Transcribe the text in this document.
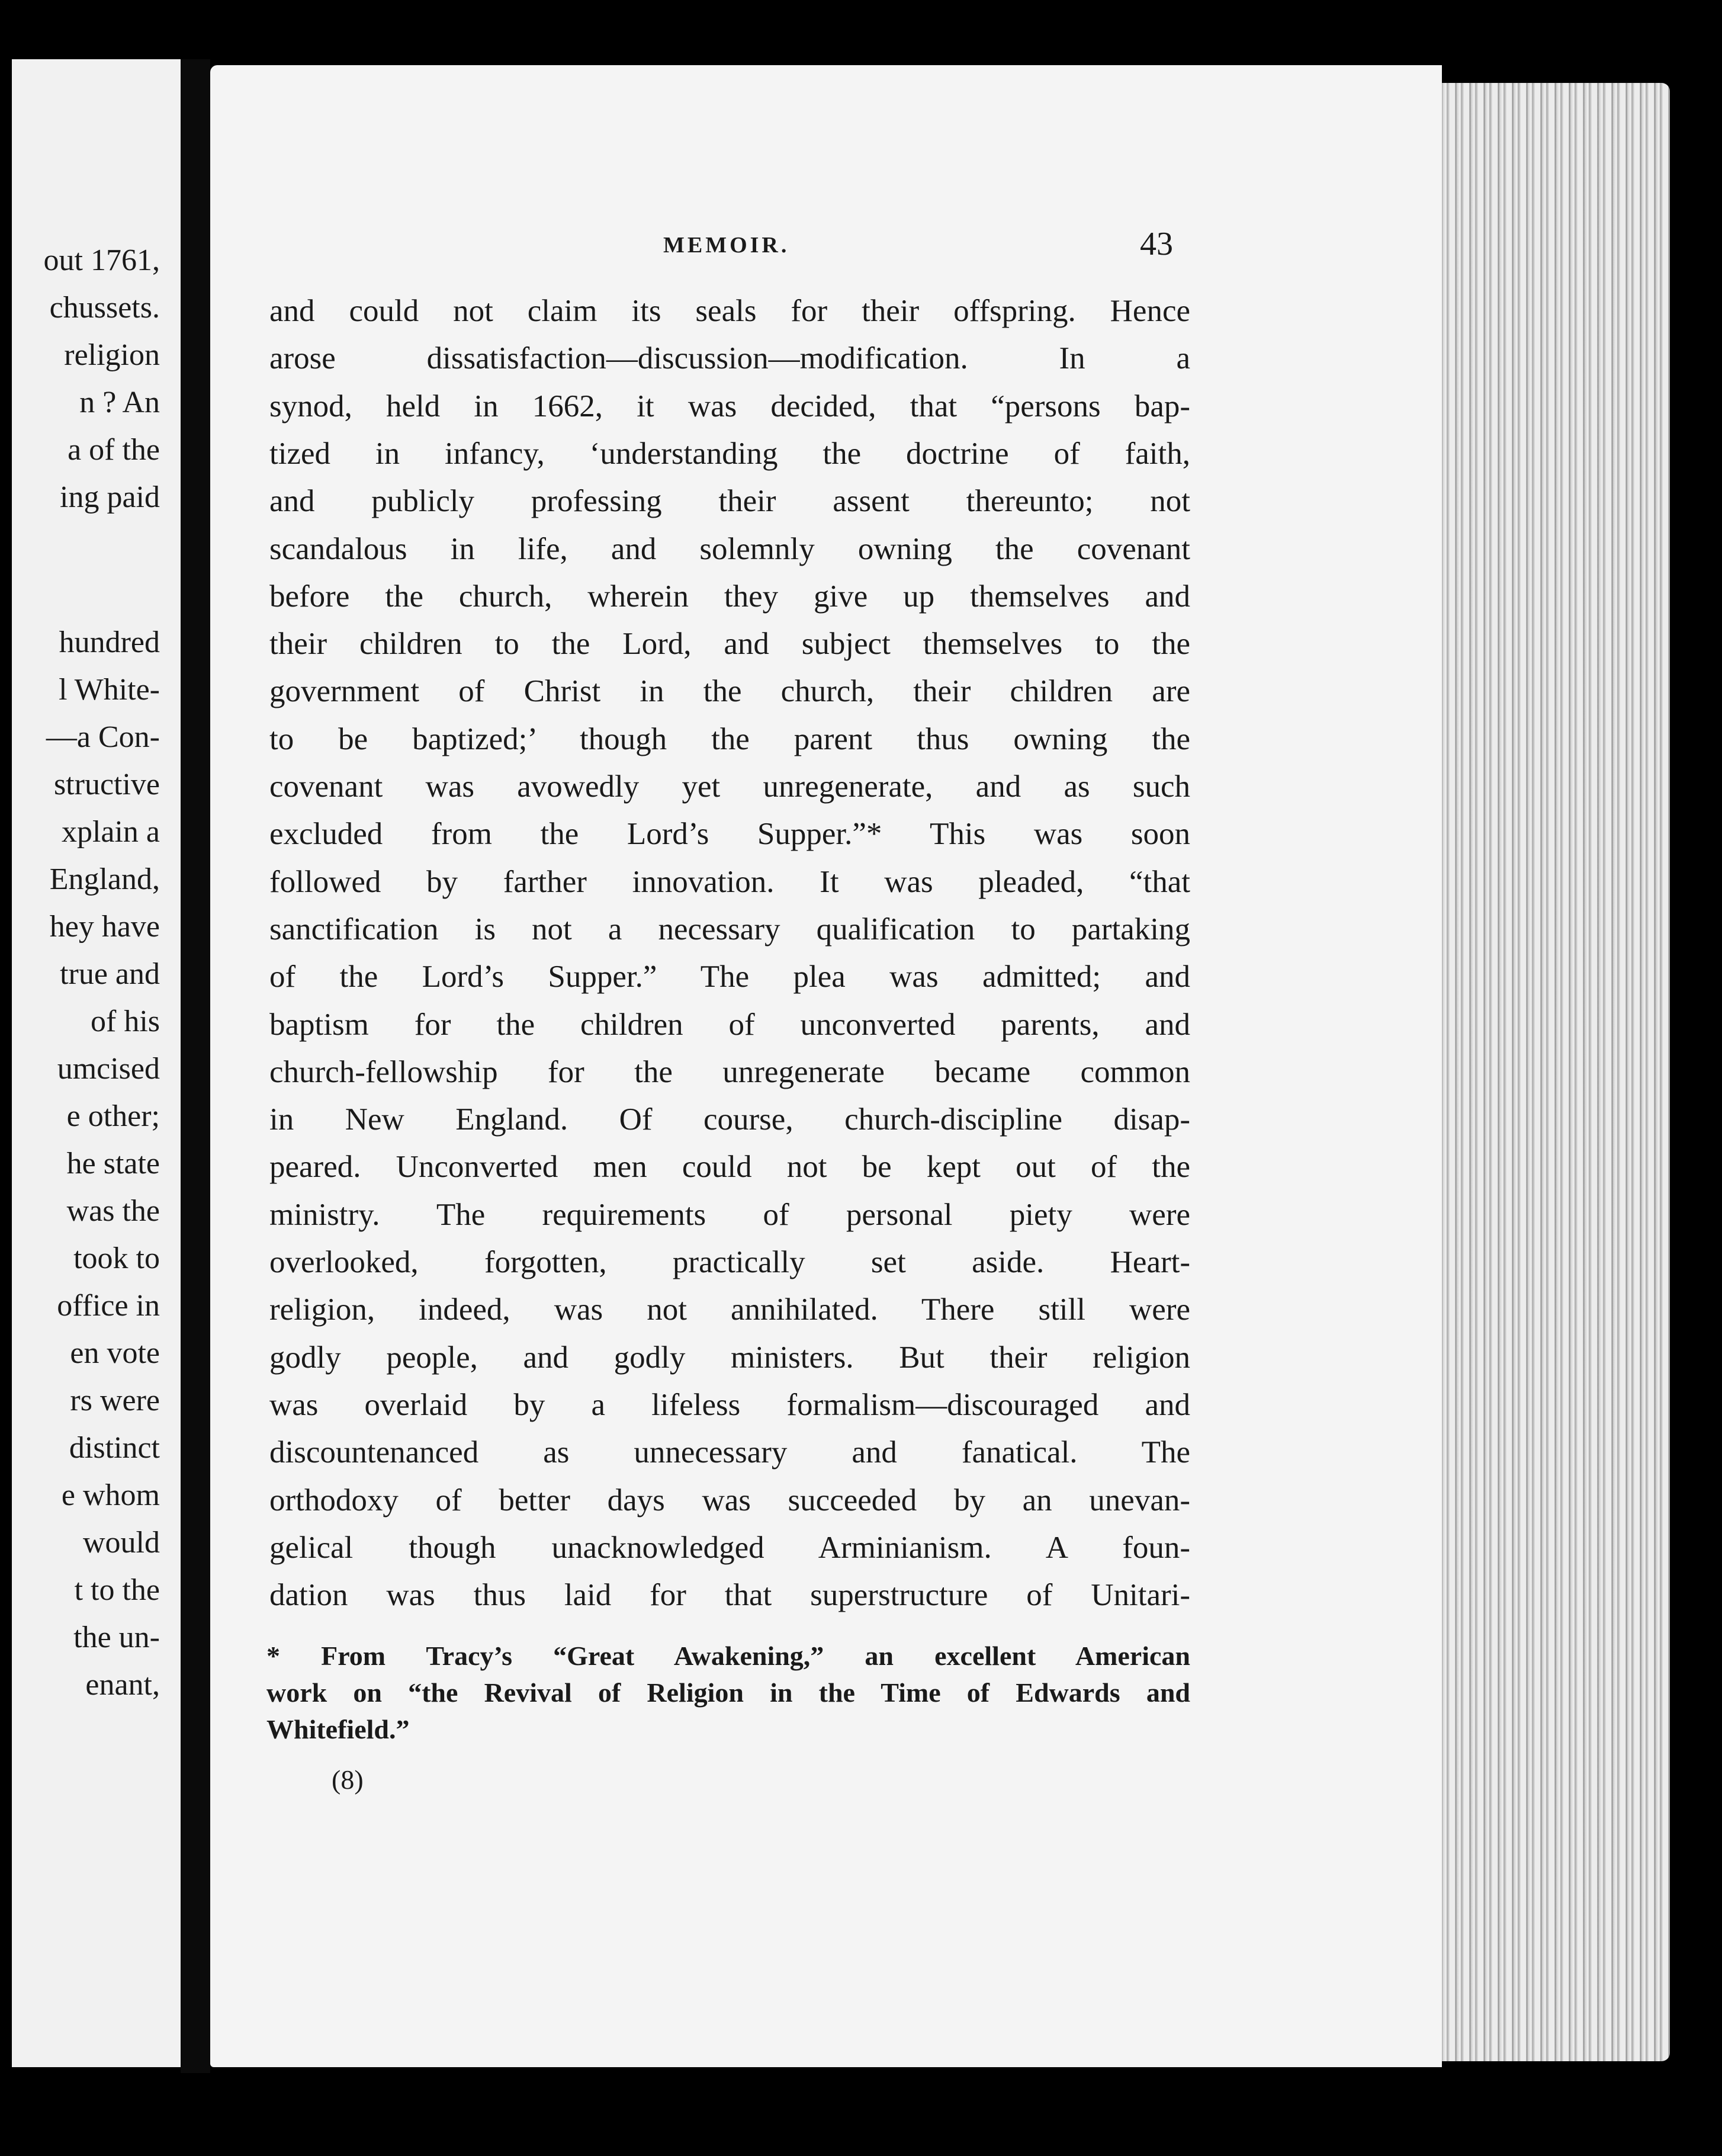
out 1761,
chussets.
religion
n ? An
a of the
ing paid
hundred
l White-
—a Con-
structive
xplain a
England,
hey have
true and
of his
umcised
e other;
he state
was the
took to
office in
en vote
rs were
distinct
e whom
would
t to the
the un-
enant,
MEMOIR.	43
and could not claim its seals for their offspring. Hence
arose dissatisfaction—discussion—modification. In a
synod, held in 1662, it was decided, that “persons bap-
tized in infancy, ‘understanding the doctrine of faith,
and publicly professing their assent thereunto; not
scandalous in life, and solemnly owning the covenant
before the church, wherein they give up themselves and
their children to the Lord, and subject themselves to the
government of Christ in the church, their children are
to be baptized;’ though the parent thus owning the
covenant was avowedly yet unregenerate, and as such
excluded from the Lord’s Supper.”* This was soon
followed by farther innovation. It was pleaded, “that
sanctification is not a necessary qualification to partaking
of the Lord’s Supper.” The plea was admitted; and
baptism for the children of unconverted parents, and
church-fellowship for the unregenerate became common
in New England. Of course, church-discipline disap-
peared. Unconverted men could not be kept out of the
ministry. The requirements of personal piety were
overlooked, forgotten, practically set aside. Heart-
religion, indeed, was not annihilated. There still were
godly people, and godly ministers. But their religion
was overlaid by a lifeless formalism—discouraged and
discountenanced as unnecessary and fanatical. The
orthodoxy of better days was succeeded by an unevan-
gelical though unacknowledged Arminianism. A foun-
dation was thus laid for that superstructure of Unitari-
* From Tracy’s “Great Awakening,” an excellent American
work on “the Revival of Religion in the Time of Edwards and
Whitefield.”
(8)
